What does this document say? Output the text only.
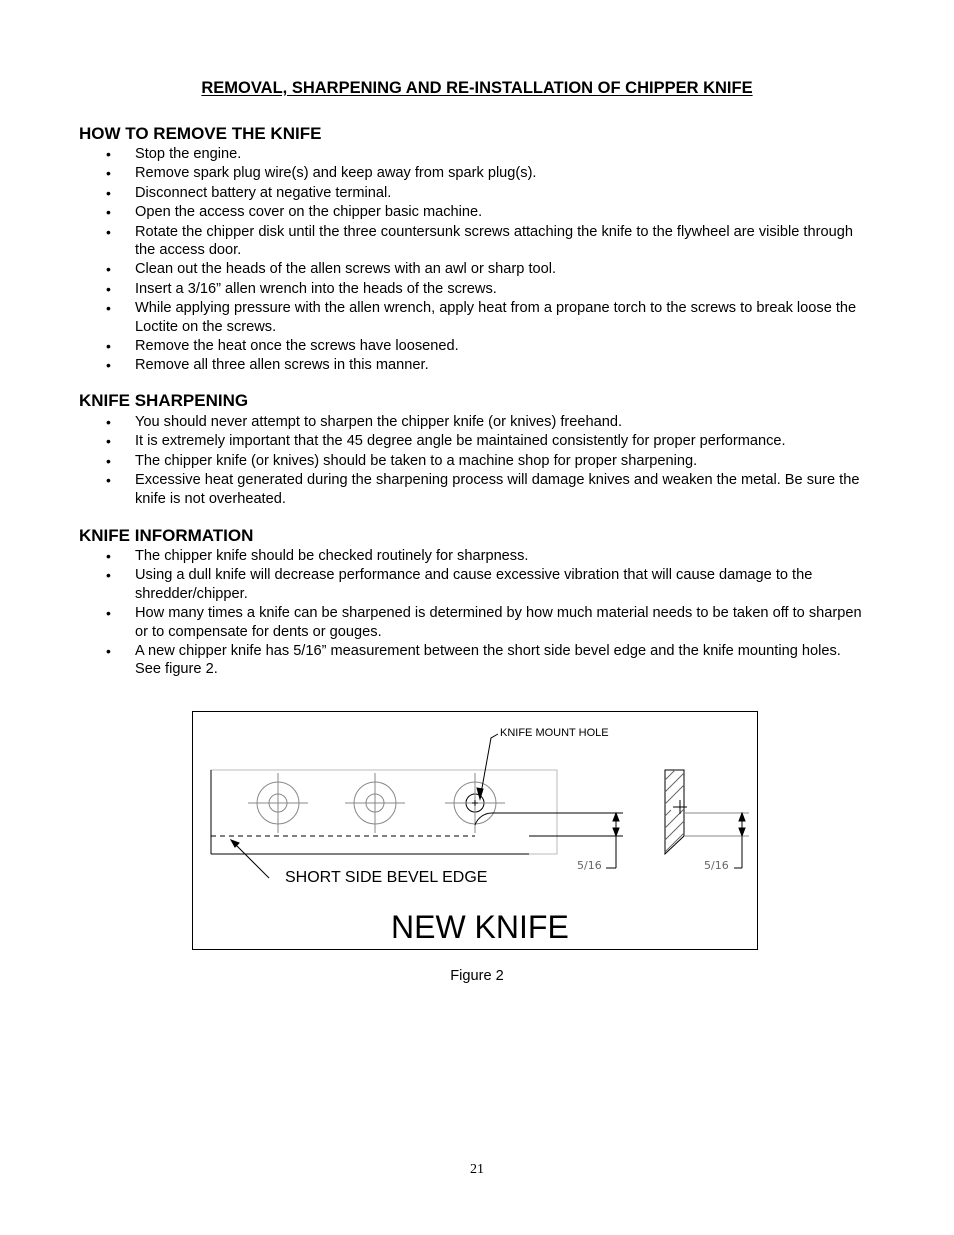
REMOVAL, SHARPENING AND RE-INSTALLATION OF CHIPPER KNIFE
HOW TO REMOVE THE KNIFE
• Stop the engine.
• Remove spark plug wire(s) and keep away from spark plug(s).
• Disconnect battery at negative terminal.
• Open the access cover on the chipper basic machine.
• Rotate the chipper disk until the three countersunk screws attaching the knife to the flywheel are visible through the access door.
• Clean out the heads of the allen screws with an awl or sharp tool.
• Insert a 3/16” allen wrench into the heads of the screws.
• While applying pressure with the allen wrench, apply heat from a propane torch to the screws to break loose the Loctite on the screws.
• Remove the heat once the screws have loosened.
• Remove all three allen screws in this manner.
KNIFE SHARPENING
• You should never attempt to sharpen the chipper knife (or knives) freehand.
• It is extremely important that the 45 degree angle be maintained consistently for proper performance.
• The chipper knife (or knives) should be taken to a machine shop for proper sharpening.
• Excessive heat generated during the sharpening process will damage knives and weaken the metal. Be sure the knife is not overheated.
KNIFE INFORMATION
• The chipper knife should be checked routinely for sharpness.
• Using a dull knife will decrease performance and cause excessive vibration that will cause damage to the shredder/chipper.
• How many times a knife can be sharpened is determined by how much material needs to be taken off to sharpen or to compensate for dents or gouges.
• A new chipper knife has 5/16” measurement between the short side bevel edge and the knife mounting holes. See figure 2.
KNIFE MOUNT HOLE
5/16	5/16
SHORT SIDE BEVEL EDGE
NEW KNIFE
Figure 2
21
